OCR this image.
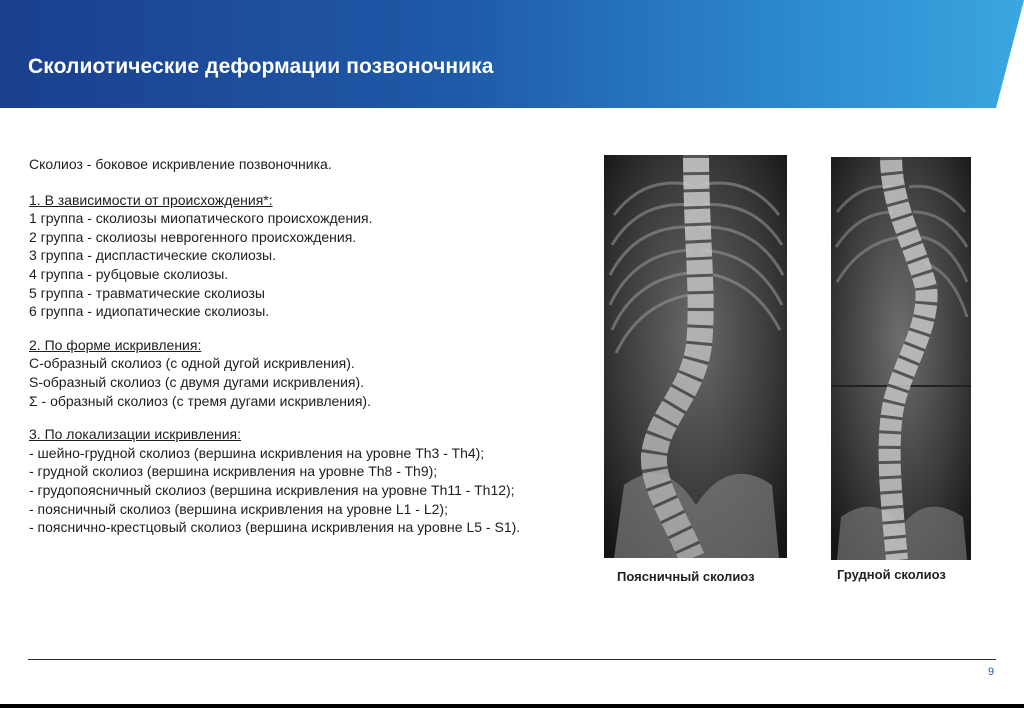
Сколиотические деформации позвоночника

Сколиоз - боковое искривление позвоночника.

1. В зависимости от происхождения*:

1 группа - сколиозы миопатического происхождения.

2 группа - сколиозы неврогенного происхождения.

3 группа - диспластические сколиозы.

4 группа - рубцовые сколиозы.

5 группа - травматические сколиозы

6 группа - идиопатические сколиозы.

2. По форме искривления:

С-образный сколиоз (с одной дугой искривления).

S-образный сколиоз (с двумя дугами искривления).

Σ - образный сколиоз (с тремя дугами искривления).

3. По локализации искривления:

- шейно-грудной сколиоз (вершина искривления на уровне Th3 - Th4);

- грудной сколиоз (вершина искривления на уровне Th8 - Th9);

- грудопоясничный сколиоз (вершина искривления на уровне Th11 - Th12);

- поясничный сколиоз (вершина искривления на уровне L1 - L2);

- пояснично-крестцовый сколиоз (вершина искривления на уровне L5 - S1).

Поясничный сколиоз	Грудной сколиоз
9
